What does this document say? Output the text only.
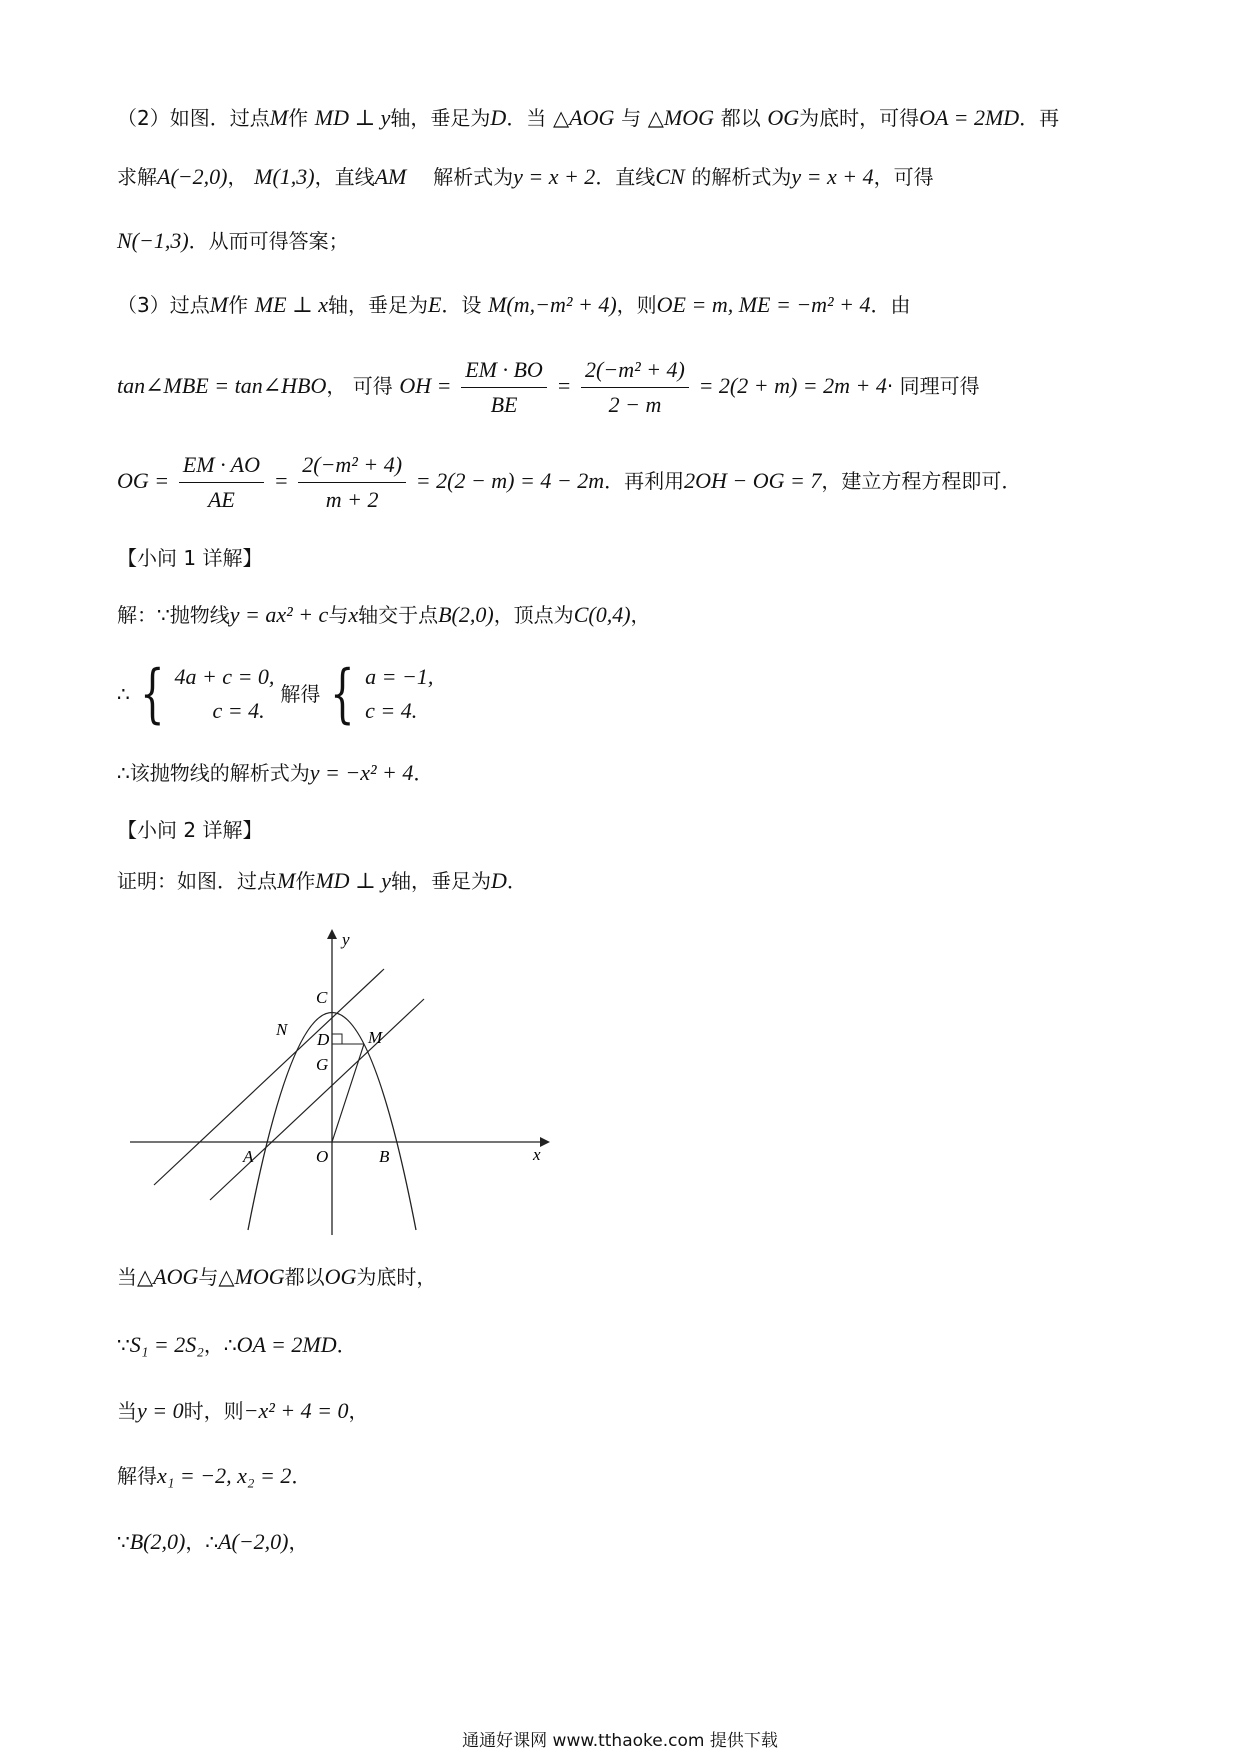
（2）如图．过点M作 MD ⊥ y轴，垂足为D．当 △AOG 与 △MOG 都以 OG为底时，可得OA = 2MD．再
求解A(−2,0)， M(1,3)，直线AM 解析式为y = x + 2．直线CN 的解析式为y = x + 4，可得
N(−1,3)．从而可得答案；
（3）过点M作 ME ⊥ x轴，垂足为E．设 M(m,−m² + 4)，则OE = m, ME = −m² + 4．由
tan∠MBE = tan∠HBO， 可得 OH = $\frac{EM \cdot BO}{BE} = \frac{\text{2(−m² + 4)}}{2 - m} = 2(2 + m) = 2m + 4\cdot$ 同理可得
OG = $\frac{EM \cdot AO}{AE} = \frac{\text{2(−m² + 4)}}{m + 2} = 2(2 - m) = 4 - 2m$．再利用2OH − OG = 7，建立方程方程即可．
【小问 1 详解】
解：∵抛物线y = ax² + c与x轴交于点B(2,0)，顶点为C(0,4)，
∴ { 4a + c = 0,
c = 4.
解得 { a = −1,
c = 4.
∴该抛物线的解析式为y = −x² + 4．
【小问 2 详解】
证明：如图．过点M作MD ⊥ y轴，垂足为D．
y
x
C
N
D M
G
A	O	B
当△AOG与△MOG都以OG为底时，
∵S₁ = 2S₂，∴OA = 2MD．
当y = 0时，则−x² + 4 = 0，
解得x₁ = −2, x₂ = 2．
∵B(2,0)，∴A(−2,0)，
通通好课网 www.tthaoke.com 提供下载
